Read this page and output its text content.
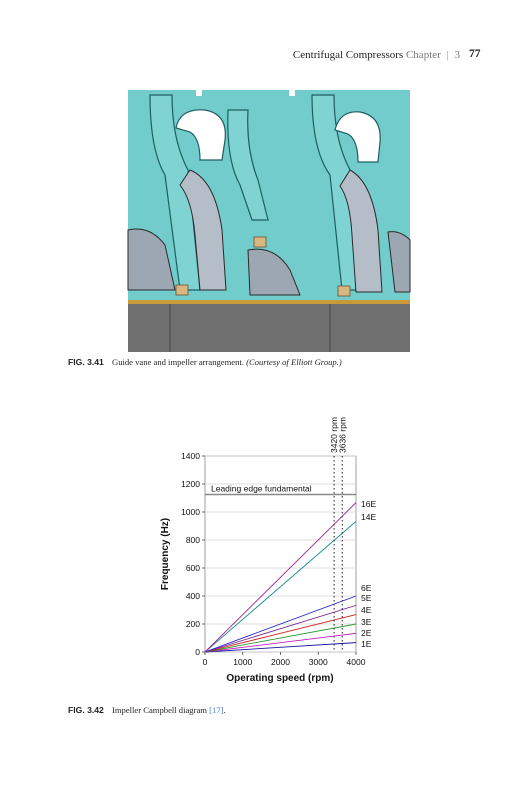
Centrifugal Compressors Chapter | 3 77
Leading edge fundamental
1E
2E
3E
4E
5E
6E
14E
16E
3420 rpm
3636 rpm
0
200
400
600
800
1000
1200
1400
0	1000 2000 3000 4000
Operating speed (rpm)
Frequency (Hz)
FIG. 3.41 Guide vane and impeller arrangement. (Courtesy of Elliott Group.)
FIG. 3.42 Impeller Campbell diagram [17].
